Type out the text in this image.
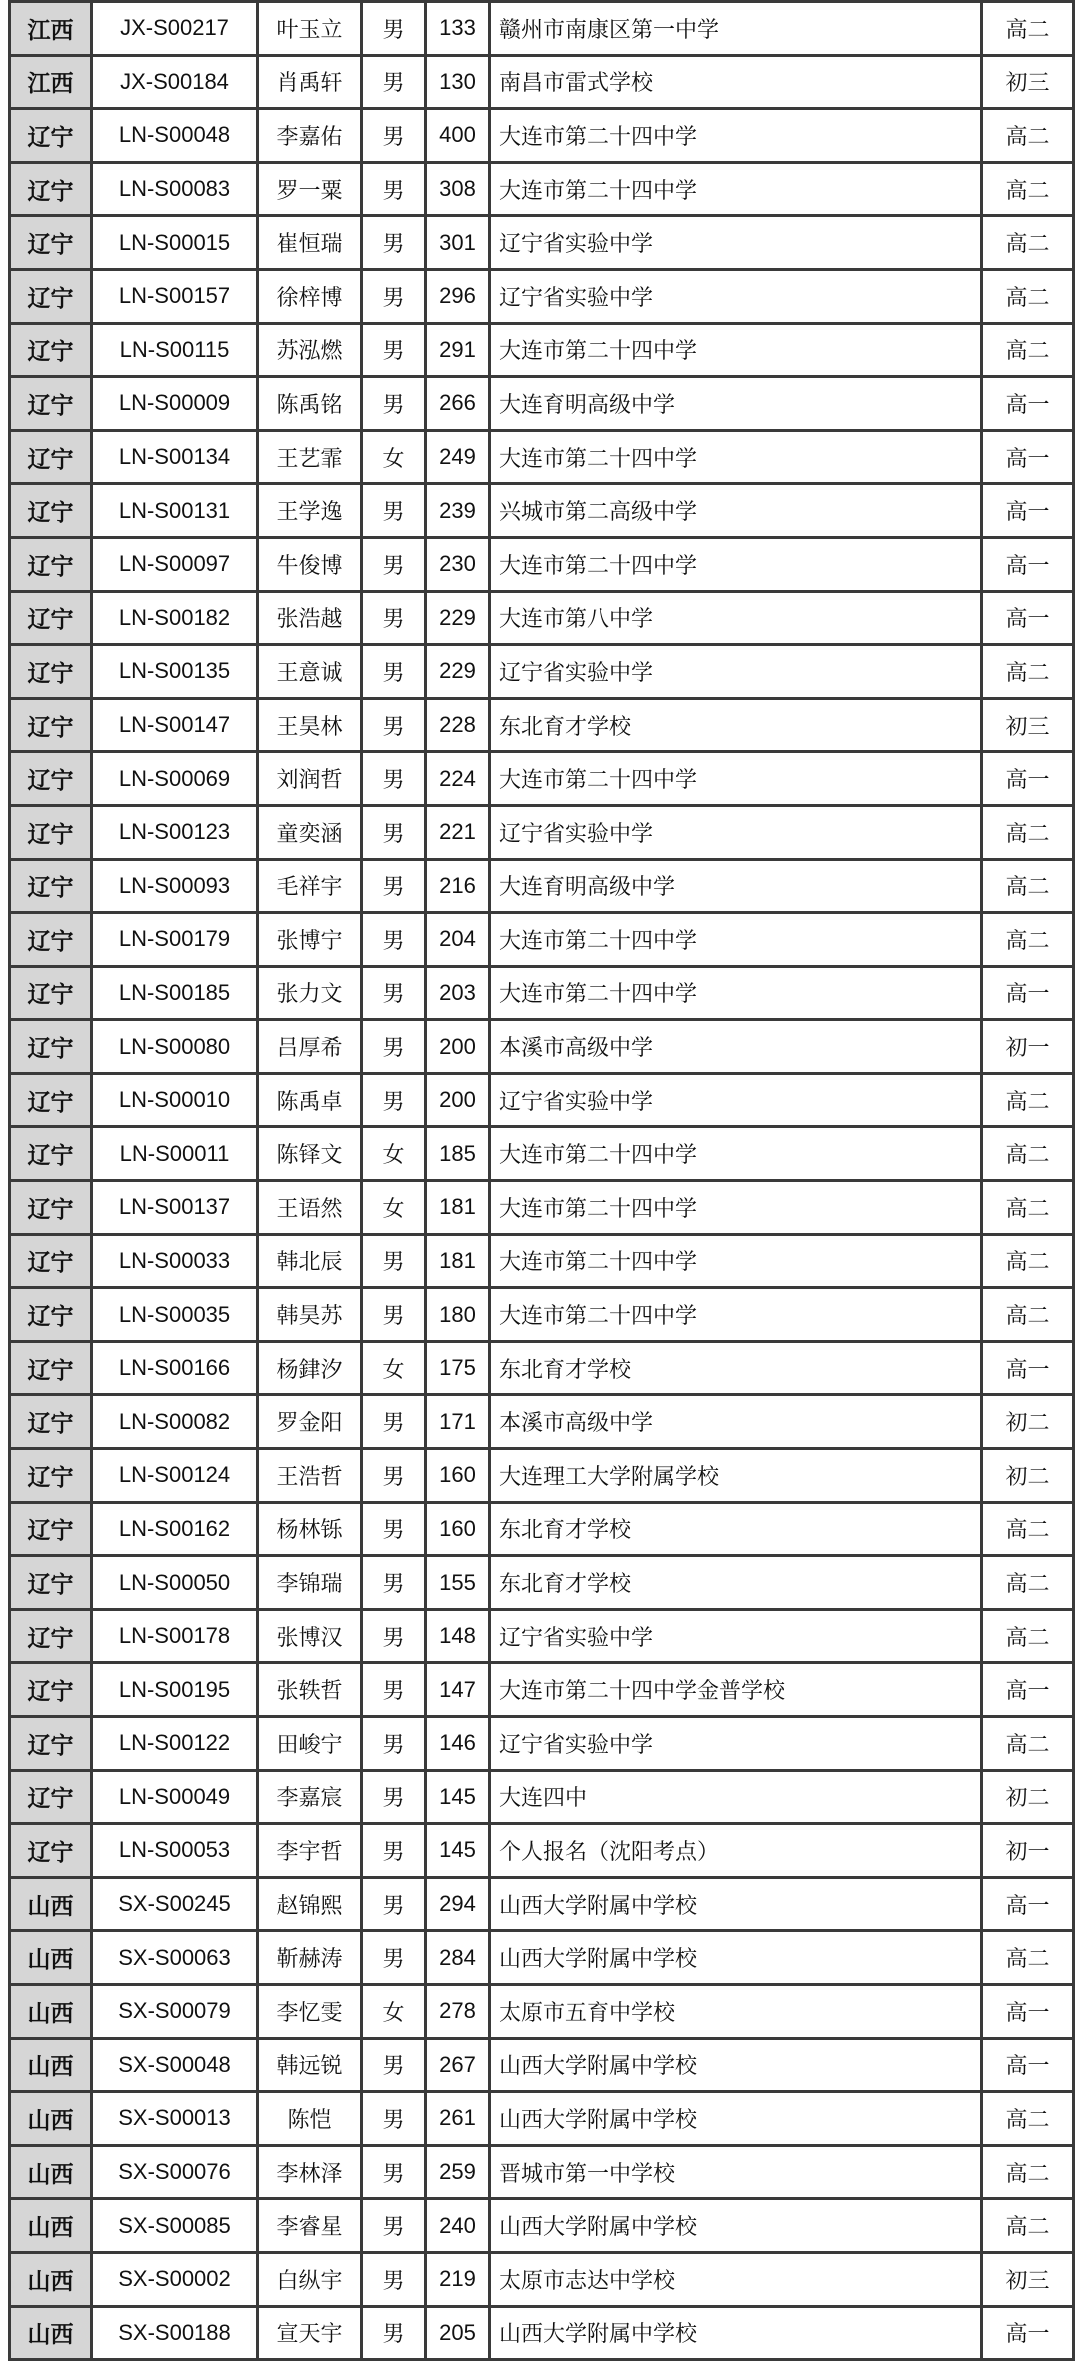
江西	JX-S00217	叶玉立	男	133	赣州市南康区第一中学	高二
江西	JX-S00184	肖禹轩	男	130	南昌市雷式学校	初三
辽宁	LN-S00048	李嘉佑	男	400	大连市第二十四中学	高二
辽宁	LN-S00083	罗一粟	男	308	大连市第二十四中学	高二
辽宁	LN-S00015	崔恒瑞	男	301	辽宁省实验中学	高二
辽宁	LN-S00157	徐梓博	男	296	辽宁省实验中学	高二
辽宁	LN-S00115	苏泓燃	男	291	大连市第二十四中学	高二
辽宁	LN-S00009	陈禹铭	男	266	大连育明高级中学	高一
辽宁	LN-S00134	王艺霏	女	249	大连市第二十四中学	高一
辽宁	LN-S00131	王学逸	男	239	兴城市第二高级中学	高一
辽宁	LN-S00097	牛俊博	男	230	大连市第二十四中学	高一
辽宁	LN-S00182	张浩越	男	229	大连市第八中学	高一
辽宁	LN-S00135	王意诚	男	229	辽宁省实验中学	高二
辽宁	LN-S00147	王昊林	男	228	东北育才学校	初三
辽宁	LN-S00069	刘润哲	男	224	大连市第二十四中学	高一
辽宁	LN-S00123	童奕涵	男	221	辽宁省实验中学	高二
辽宁	LN-S00093	毛祥宇	男	216	大连育明高级中学	高二
辽宁	LN-S00179	张博宁	男	204	大连市第二十四中学	高二
辽宁	LN-S00185	张力文	男	203	大连市第二十四中学	高一
辽宁	LN-S00080	吕厚希	男	200	本溪市高级中学	初一
辽宁	LN-S00010	陈禹卓	男	200	辽宁省实验中学	高二
辽宁	LN-S00011	陈铎文	女	185	大连市第二十四中学	高二
辽宁	LN-S00137	王语然	女	181	大连市第二十四中学	高二
辽宁	LN-S00033	韩北辰	男	181	大连市第二十四中学	高二
辽宁	LN-S00035	韩昊苏	男	180	大连市第二十四中学	高二
辽宁	LN-S00166	杨銉汐	女	175	东北育才学校	高一
辽宁	LN-S00082	罗金阳	男	171	本溪市高级中学	初二
辽宁	LN-S00124	王浩哲	男	160	大连理工大学附属学校	初二
辽宁	LN-S00162	杨林铄	男	160	东北育才学校	高二
辽宁	LN-S00050	李锦瑞	男	155	东北育才学校	高二
辽宁	LN-S00178	张博汉	男	148	辽宁省实验中学	高二
辽宁	LN-S00195	张轶哲	男	147	大连市第二十四中学金普学校	高一
辽宁	LN-S00122	田峻宁	男	146	辽宁省实验中学	高二
辽宁	LN-S00049	李嘉宸	男	145	大连四中	初二
辽宁	LN-S00053	李宇哲	男	145	个人报名（沈阳考点）	初一
山西	SX-S00245	赵锦熙	男	294	山西大学附属中学校	高一
山西	SX-S00063	靳赫涛	男	284	山西大学附属中学校	高二
山西	SX-S00079	李忆雯	女	278	太原市五育中学校	高一
山西	SX-S00048	韩远锐	男	267	山西大学附属中学校	高一
山西	SX-S00013	陈恺	男	261	山西大学附属中学校	高二
山西	SX-S00076	李林泽	男	259	晋城市第一中学校	高二
山西	SX-S00085	李睿星	男	240	山西大学附属中学校	高二
山西	SX-S00002	白纵宇	男	219	太原市志达中学校	初三
山西	SX-S00188	宣天宇	男	205	山西大学附属中学校	高一
